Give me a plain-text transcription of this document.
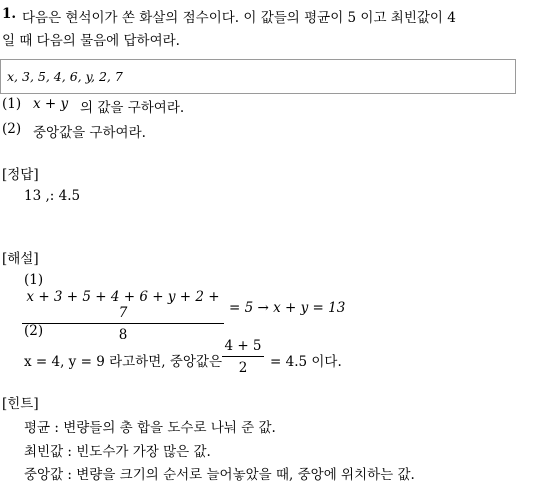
1. 다음은 현석이가 쏜 화살의 점수이다. 이 값들의 평균이 5 이고 최빈값이 4
일 때 다음의 물음에 답하여라.
x, 3, 5, 4, 6, y, 2, 7
(1) x + y 의 값을 구하여라.
(2) 중앙값을 구하여라.
[정답]
13 ,: 4.5
[해설]
(1)
x + 3 + 5 + 4 + 6 + y + 2 + 7
8
= 5 → x + y = 13
(2)
x = 4, y = 9 라고하면, 중앙값은
4 + 5
2	= 4.5 이다.
[힌트]
평균 : 변량들의 총 합을 도수로 나눠 준 값.
최빈값 : 빈도수가 가장 많은 값.
중앙값 : 변량을 크기의 순서로 늘어놓았을 때, 중앙에 위치하는 값.
